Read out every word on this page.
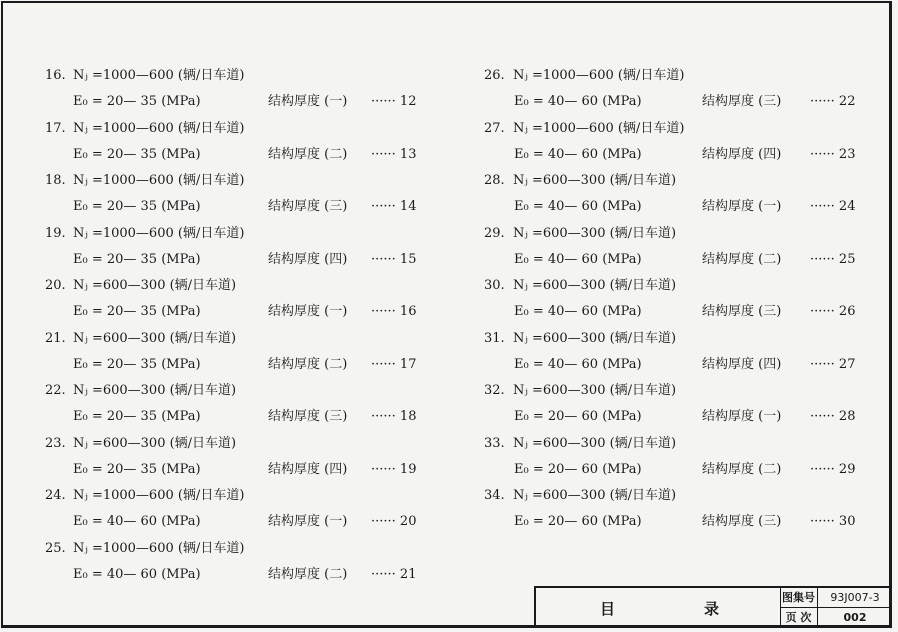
16. Nⱼ =1000—600 (辆/日车道)
E₀ = 20— 35 (MPa)	结构厚度 (一) ······ 12
17. Nⱼ =1000—600 (辆/日车道)
E₀ = 20— 35 (MPa)	结构厚度 (二) ······ 13
18. Nⱼ =1000—600 (辆/日车道)
E₀ = 20— 35 (MPa)	结构厚度 (三) ······ 14
19. Nⱼ =1000—600 (辆/日车道)
E₀ = 20— 35 (MPa)	结构厚度 (四) ······ 15
20. Nⱼ =600—300 (辆/日车道)
E₀ = 20— 35 (MPa)	结构厚度 (一) ······ 16
21. Nⱼ =600—300 (辆/日车道)
E₀ = 20— 35 (MPa)	结构厚度 (二) ······ 17
22. Nⱼ =600—300 (辆/日车道)
E₀ = 20— 35 (MPa)	结构厚度 (三) ······ 18
23. Nⱼ =600—300 (辆/日车道)
E₀ = 20— 35 (MPa)	结构厚度 (四) ······ 19
24. Nⱼ =1000—600 (辆/日车道)
E₀ = 40— 60 (MPa)	结构厚度 (一) ······ 20
25. Nⱼ =1000—600 (辆/日车道)
E₀ = 40— 60 (MPa)	结构厚度 (二) ······ 21
26. Nⱼ =1000—600 (辆/日车道)
E₀ = 40— 60 (MPa)	结构厚度 (三) ······ 22
27. Nⱼ =1000—600 (辆/日车道)
E₀ = 40— 60 (MPa)	结构厚度 (四) ······ 23
28. Nⱼ =600—300 (辆/日车道)
E₀ = 40— 60 (MPa)	结构厚度 (一) ······ 24
29. Nⱼ =600—300 (辆/日车道)
E₀ = 40— 60 (MPa)	结构厚度 (二) ······ 25
30. Nⱼ =600—300 (辆/日车道)
E₀ = 40— 60 (MPa)	结构厚度 (三) ······ 26
31. Nⱼ =600—300 (辆/日车道)
E₀ = 40— 60 (MPa)	结构厚度 (四) ······ 27
32. Nⱼ =600—300 (辆/日车道)
E₀ = 20— 60 (MPa)	结构厚度 (一) ······ 28
33. Nⱼ =600—300 (辆/日车道)
E₀ = 20— 60 (MPa)	结构厚度 (二) ······ 29
34. Nⱼ =600—300 (辆/日车道)
E₀ = 20— 60 (MPa)	结构厚度 (三) ······ 30
目	录
图集号	93J007-3
页 次	002
